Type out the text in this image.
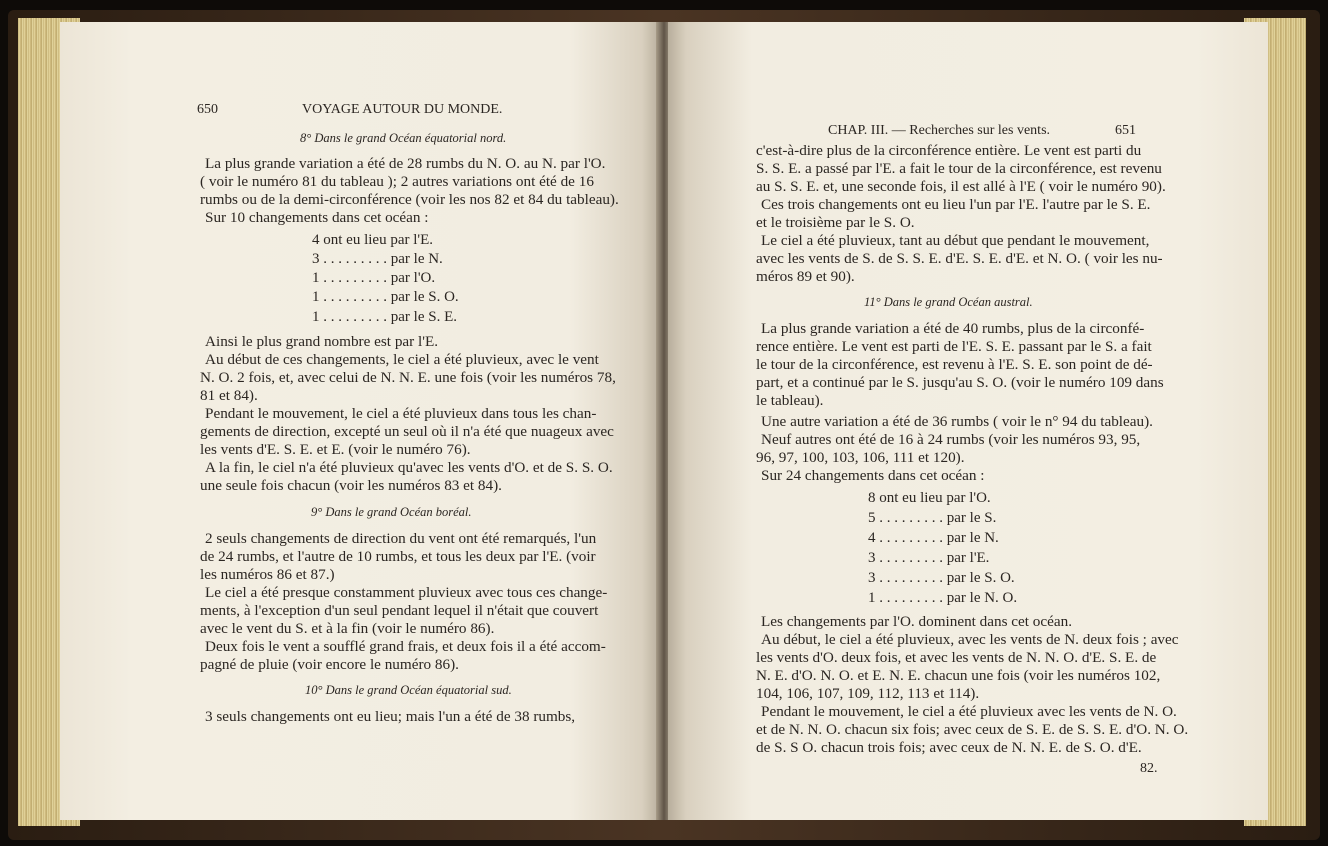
650	VOYAGE AUTOUR DU MONDE.
8° Dans le grand Océan équatorial nord.
La plus grande variation a été de 28 rumbs du N. O. au N. par l'O.
( voir le numéro 81 du tableau ); 2 autres variations ont été de 16
rumbs ou de la demi-circonférence (voir les nos 82 et 84 du tableau).
Sur 10 changements dans cet océan :
4 ont eu lieu par l'E.
3 . . . . . . . . . par le N.
1 . . . . . . . . . par l'O.
1 . . . . . . . . . par le S. O.
1 . . . . . . . . . par le S. E.
Ainsi le plus grand nombre est par l'E.
Au début de ces changements, le ciel a été pluvieux, avec le vent
N. O. 2 fois, et, avec celui de N. N. E. une fois (voir les numéros 78,
81 et 84).
Pendant le mouvement, le ciel a été pluvieux dans tous les chan-
gements de direction, excepté un seul où il n'a été que nuageux avec
les vents d'E. S. E. et E. (voir le numéro 76).
A la fin, le ciel n'a été pluvieux qu'avec les vents d'O. et de S. S. O.
une seule fois chacun (voir les numéros 83 et 84).
9° Dans le grand Océan boréal.
2 seuls changements de direction du vent ont été remarqués, l'un
de 24 rumbs, et l'autre de 10 rumbs, et tous les deux par l'E. (voir
les numéros 86 et 87.)
Le ciel a été presque constamment pluvieux avec tous ces change-
ments, à l'exception d'un seul pendant lequel il n'était que couvert
avec le vent du S. et à la fin (voir le numéro 86).
Deux fois le vent a soufflé grand frais, et deux fois il a été accom-
pagné de pluie (voir encore le numéro 86).
10° Dans le grand Océan équatorial sud.
3 seuls changements ont eu lieu; mais l'un a été de 38 rumbs,
CHAP. III. — Recherches sur les vents.	651
c'est-à-dire plus de la circonférence entière. Le vent est parti du
S. S. E. a passé par l'E. a fait le tour de la circonférence, est revenu
au S. S. E. et, une seconde fois, il est allé à l'E ( voir le numéro 90).
Ces trois changements ont eu lieu l'un par l'E. l'autre par le S. E.
et le troisième par le S. O.
Le ciel a été pluvieux, tant au début que pendant le mouvement,
avec les vents de S. de S. S. E. d'E. S. E. d'E. et N. O. ( voir les nu-
méros 89 et 90).
11° Dans le grand Océan austral.
La plus grande variation a été de 40 rumbs, plus de la circonfé-
rence entière. Le vent est parti de l'E. S. E. passant par le S. a fait
le tour de la circonférence, est revenu à l'E. S. E. son point de dé-
part, et a continué par le S. jusqu'au S. O. (voir le numéro 109 dans
le tableau).
Une autre variation a été de 36 rumbs ( voir le n° 94 du tableau).
Neuf autres ont été de 16 à 24 rumbs (voir les numéros 93, 95,
96, 97, 100, 103, 106, 111 et 120).
Sur 24 changements dans cet océan :
8 ont eu lieu par l'O.
5 . . . . . . . . . par le S.
4 . . . . . . . . . par le N.
3 . . . . . . . . . par l'E.
3 . . . . . . . . . par le S. O.
1 . . . . . . . . . par le N. O.
Les changements par l'O. dominent dans cet océan.
Au début, le ciel a été pluvieux, avec les vents de N. deux fois ; avec
les vents d'O. deux fois, et avec les vents de N. N. O. d'E. S. E. de
N. E. d'O. N. O. et E. N. E. chacun une fois (voir les numéros 102,
104, 106, 107, 109, 112, 113 et 114).
Pendant le mouvement, le ciel a été pluvieux avec les vents de N. O.
et de N. N. O. chacun six fois; avec ceux de S. E. de S. S. E. d'O. N. O.
de S. S O. chacun trois fois; avec ceux de N. N. E. de S. O. d'E.
82.
